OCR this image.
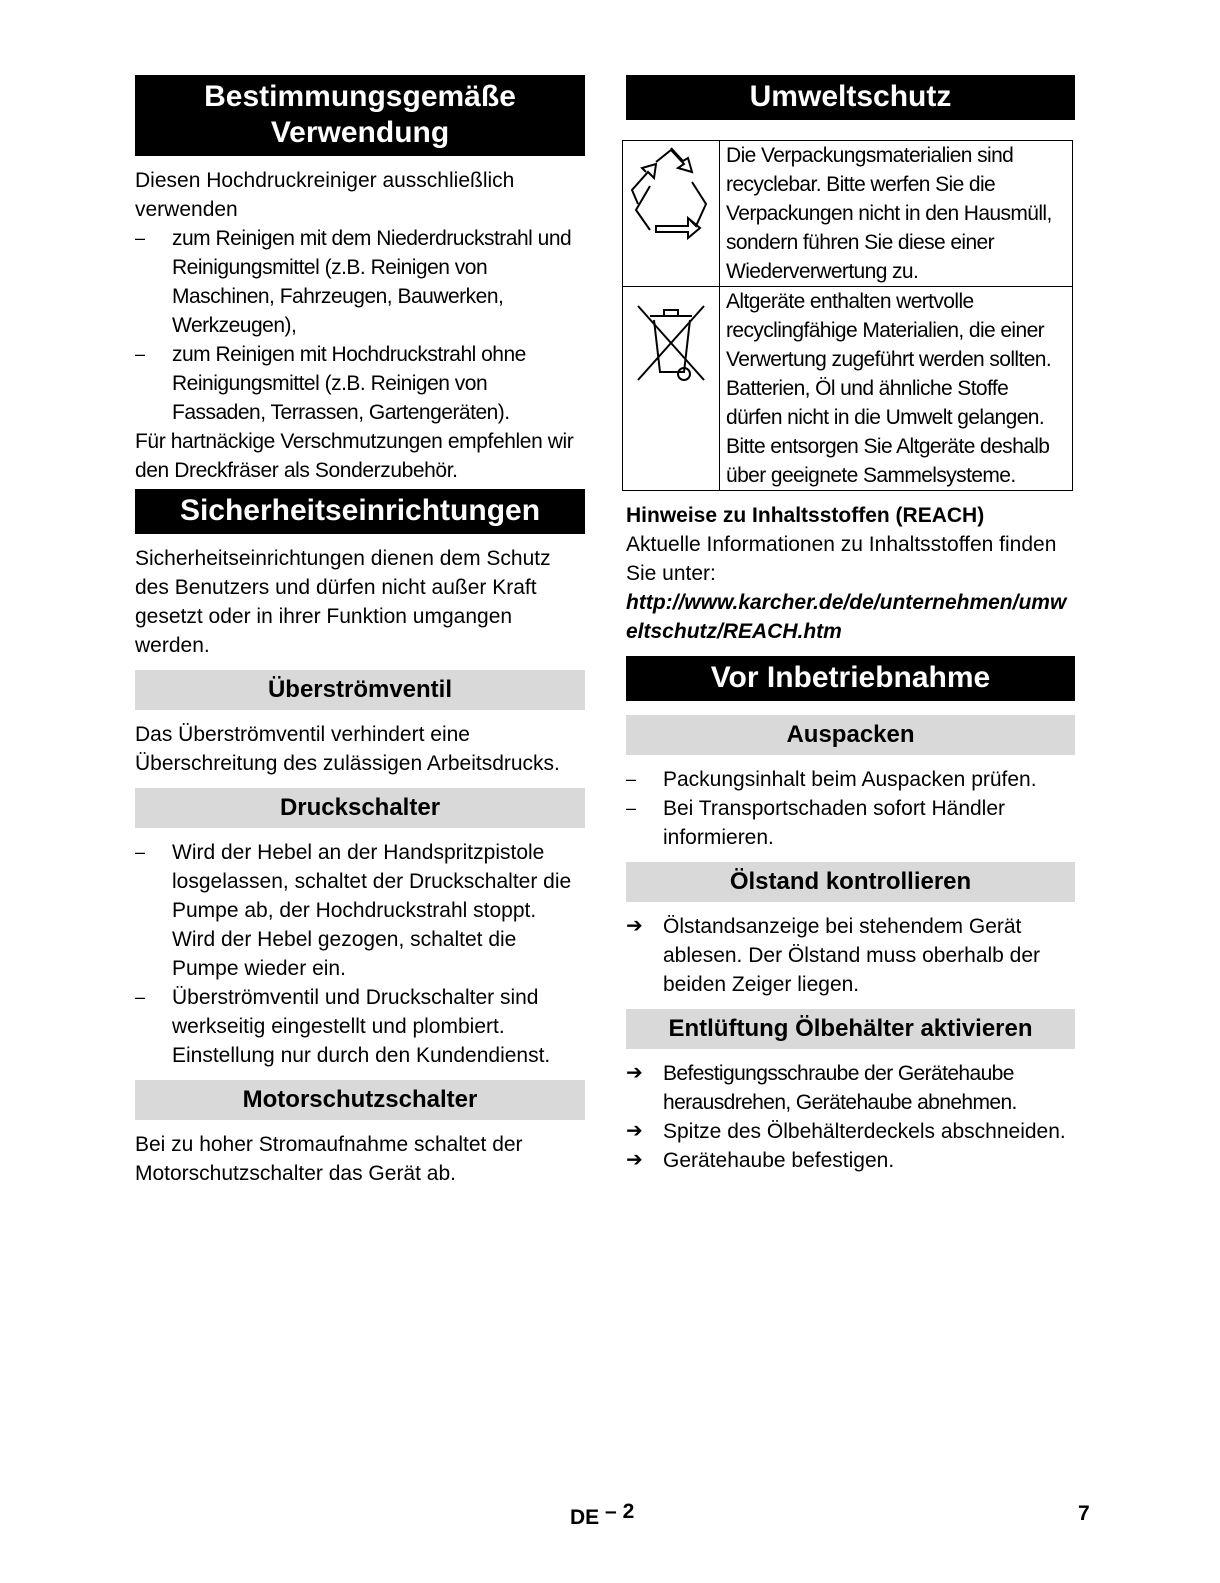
Bestimmungsgemäße Verwendung

Diesen Hochdruckreiniger ausschließlich verwenden

– zum Reinigen mit dem Niederdruckstrahl und Reinigungsmittel (z.B. Reinigen von Maschinen, Fahrzeugen, Bauwerken, Werkzeugen),
– zum Reinigen mit Hochdruckstrahl ohne Reinigungsmittel (z.B. Reinigen von Fassaden, Terrassen, Gartengeräten).

Für hartnäckige Verschmutzungen empfehlen wir den Dreckfräser als Sonderzubehör.

Sicherheitseinrichtungen

Sicherheitseinrichtungen dienen dem Schutz des Benutzers und dürfen nicht außer Kraft gesetzt oder in ihrer Funktion umgangen werden.

Überströmventil

Das Überströmventil verhindert eine Überschreitung des zulässigen Arbeitsdrucks.

Druckschalter
– Wird der Hebel an der Handspritzpistole losgelassen, schaltet der Druckschalter die Pumpe ab, der Hochdruckstrahl stoppt. Wird der Hebel gezogen, schaltet die Pumpe wieder ein.
– Überströmventil und Druckschalter sind werkseitig eingestellt und plombiert. Einstellung nur durch den Kundendienst.
Motorschutzschalter

Bei zu hoher Stromaufnahme schaltet der Motorschutzschalter das Gerät ab.

Umweltschutz
	Die Verpackungsmaterialien sind recyclebar. Bitte werfen Sie die Verpackungen nicht in den Hausmüll, sondern führen Sie diese einer Wiederverwertung zu.
	Altgeräte enthalten wertvolle recyclingfähige Materialien, die einer Verwertung zugeführt werden sollten. Batterien, Öl und ähnliche Stoffe dürfen nicht in die Umwelt gelangen. Bitte entsorgen Sie Altgeräte deshalb über geeignete Sammelsysteme.

Hinweise zu Inhaltsstoffen (REACH)

Aktuelle Informationen zu Inhaltsstoffen finden Sie unter:

http://www.karcher.de/de/unternehmen/umweltschutz/REACH.htm

Vor Inbetriebnahme
Auspacken
– Packungsinhalt beim Auspacken prüfen.
– Bei Transportschaden sofort Händler informieren.
Ölstand kontrollieren
➔ Ölstandsanzeige bei stehendem Gerät ablesen. Der Ölstand muss oberhalb der beiden Zeiger liegen.
Entlüftung Ölbehälter aktivieren
➔ Befestigungsschraube der Gerätehaube herausdrehen, Gerätehaube abnehmen.
➔ Spitze des Ölbehälterdeckels abschneiden.
➔ Gerätehaube befestigen.
DE $^{- 2}$	7
